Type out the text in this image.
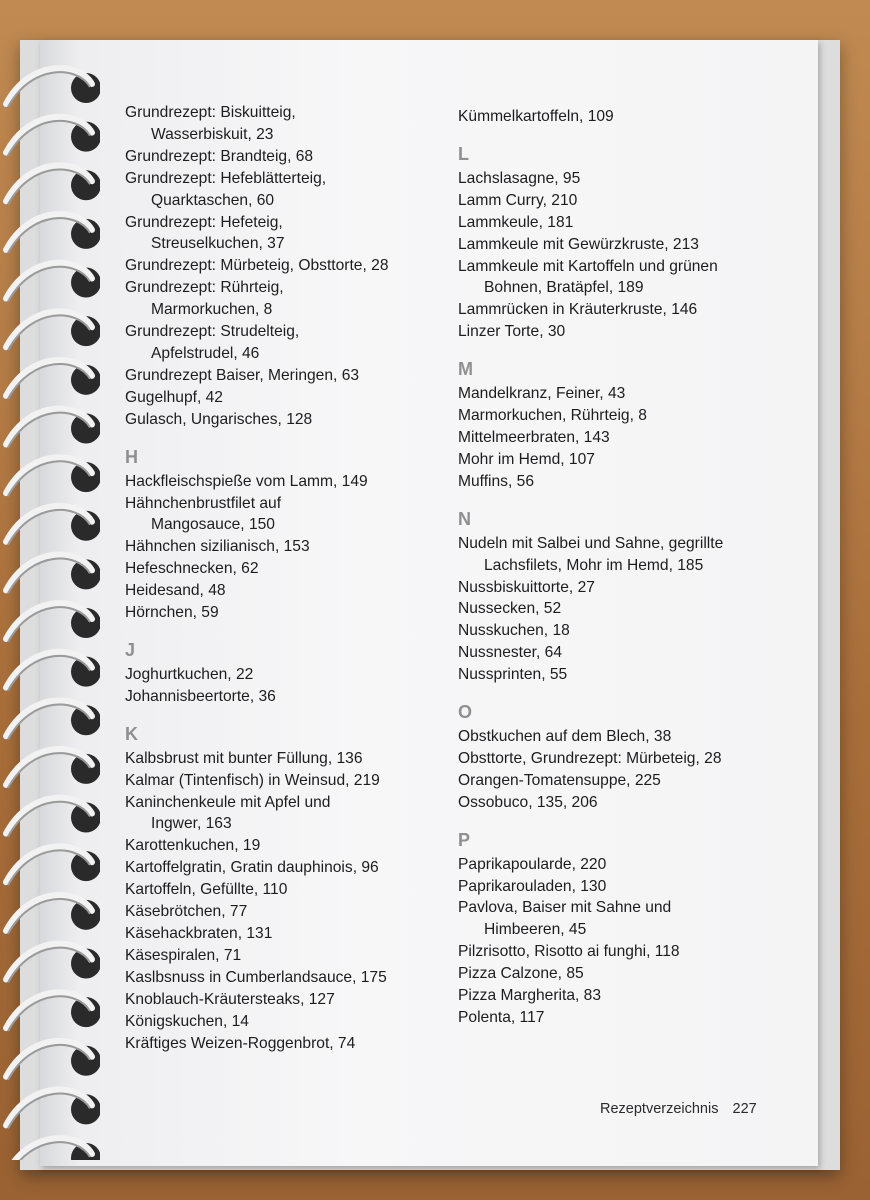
Grundrezept: Biskuitteig,
Wasserbiskuit, 23
Grundrezept: Brandteig, 68
Grundrezept: Hefeblätterteig,
Quarktaschen, 60
Grundrezept: Hefeteig,
Streuselkuchen, 37
Grundrezept: Mürbeteig, Obsttorte, 28
Grundrezept: Rührteig,
Marmorkuchen, 8
Grundrezept: Strudelteig,
Apfelstrudel, 46
Grundrezept Baiser, Meringen, 63
Gugelhupf, 42
Gulasch, Ungarisches, 128
H
Hackfleischspieße vom Lamm, 149
Hähnchenbrustfilet auf
Mangosauce, 150
Hähnchen sizilianisch, 153
Hefeschnecken, 62
Heidesand, 48
Hörnchen, 59
J
Joghurtkuchen, 22
Johannisbeertorte, 36
K
Kalbsbrust mit bunter Füllung, 136
Kalmar (Tintenfisch) in Weinsud, 219
Kaninchenkeule mit Apfel und
Ingwer, 163
Karottenkuchen, 19
Kartoffelgratin, Gratin dauphinois, 96
Kartoffeln, Gefüllte, 110
Käsebrötchen, 77
Käsehackbraten, 131
Käsespiralen, 71
Kaslbsnuss in Cumberlandsauce, 175
Knoblauch-Kräutersteaks, 127
Königskuchen, 14
Kräftiges Weizen-Roggenbrot, 74
Kümmelkartoffeln, 109
L
Lachslasagne, 95
Lamm Curry, 210
Lammkeule, 181
Lammkeule mit Gewürzkruste, 213
Lammkeule mit Kartoffeln und grünen
Bohnen, Bratäpfel, 189
Lammrücken in Kräuterkruste, 146
Linzer Torte, 30
M
Mandelkranz, Feiner, 43
Marmorkuchen, Rührteig, 8
Mittelmeerbraten, 143
Mohr im Hemd, 107
Muffins, 56
N
Nudeln mit Salbei und Sahne, gegrillte
Lachsfilets, Mohr im Hemd, 185
Nussbiskuittorte, 27
Nussecken, 52
Nusskuchen, 18
Nussnester, 64
Nussprinten, 55
O
Obstkuchen auf dem Blech, 38
Obsttorte, Grundrezept: Mürbeteig, 28
Orangen-Tomatensuppe, 225
Ossobuco, 135, 206
P
Paprikapoularde, 220
Paprikarouladen, 130
Pavlova, Baiser mit Sahne und
Himbeeren, 45
Pilzrisotto, Risotto ai funghi, 118
Pizza Calzone, 85
Pizza Margherita, 83
Polenta, 117
Rezeptverzeichnis 227
